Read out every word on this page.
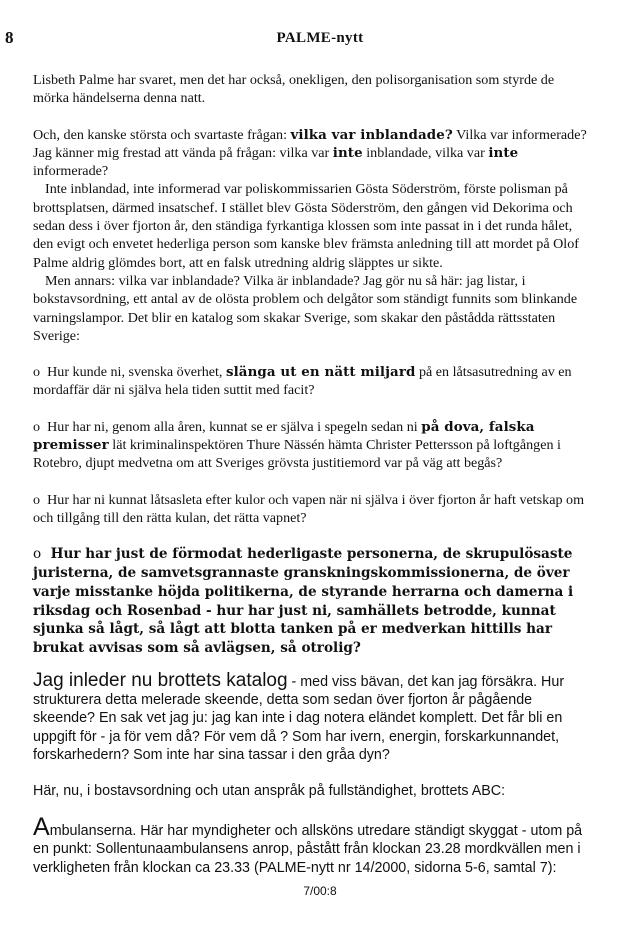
8	PALME-nytt

Lisbeth Palme har svaret, men det har också, onekligen, den polisorganisation som styrde de mörka händelserna denna natt.

Och, den kanske största och svartaste frågan: vilka var inblandade? Vilka var informerade? Jag känner mig frestad att vända på frågan: vilka var inte inblandade, vilka var inte informerade?

Inte inblandad, inte informerad var poliskommissarien Gösta Söderström, förste polisman på brottsplatsen, därmed insatschef. I stället blev Gösta Söderström, den gången vid Dekorima och sedan dess i över fjorton år, den ständiga fyrkantiga klossen som inte passat in i det runda hålet, den evigt och envetet hederliga person som kanske blev främsta anledning till att mordet på Olof Palme aldrig glömdes bort, att en falsk utredning aldrig släpptes ur sikte.

Men annars: vilka var inblandade? Vilka är inblandade? Jag gör nu så här: jag listar, i bokstavsordning, ett antal av de olösta problem och delgåtor som ständigt funnits som blinkande varningslampor. Det blir en katalog som skakar Sverige, som skakar den påstådda rättsstaten Sverige:

o Hur kunde ni, svenska överhet, slänga ut en nätt miljard på en låtsasutredning av en mordaffär där ni själva hela tiden suttit med facit?

o Hur har ni, genom alla åren, kunnat se er själva i spegeln sedan ni på dova, falska premisser lät kriminalinspektören Thure Nässén hämta Christer Pettersson på loftgången i Rotebro, djupt medvetna om att Sveriges grövsta justitiemord var på väg att begås?

o Hur har ni kunnat låtsasleta efter kulor och vapen när ni själva i över fjorton år haft vetskap om och tillgång till den rätta kulan, det rätta vapnet?

o Hur har just de förmodat hederligaste personerna, de skrupulösaste juristerna, de samvetsgrannaste granskningskommissionerna, de över varje misstanke höjda politikerna, de styrande herrarna och damerna i riksdag och Rosenbad - hur har just ni, samhällets betrodde, kunnat sjunka så lågt, så lågt att blotta tanken på er medverkan hittills har brukat avvisas som så avlägsen, så otrolig?

Jag inleder nu brottets katalog - med viss bävan, det kan jag försäkra. Hur strukturera detta melerade skeende, detta som sedan över fjorton år pågående skeende? En sak vet jag ju: jag kan inte i dag notera eländet komplett. Det får bli en uppgift för - ja för vem då? För vem då ? Som har ivern, energin, forskarkunnandet, forskarhedern? Som inte har sina tassar i den gråa dyn?

Här, nu, i bostavsordning och utan anspråk på fullständighet, brottets ABC:

Ambulanserna. Här har myndigheter och allsköns utredare ständigt skyggat - utom på en punkt: Sollentunaambulansens anrop, påstått från klockan 23.28 mordkvällen men i verkligheten från klockan ca 23.33 (PALME-nytt nr 14/2000, sidorna 5-6, samtal 7):

7/00:8
